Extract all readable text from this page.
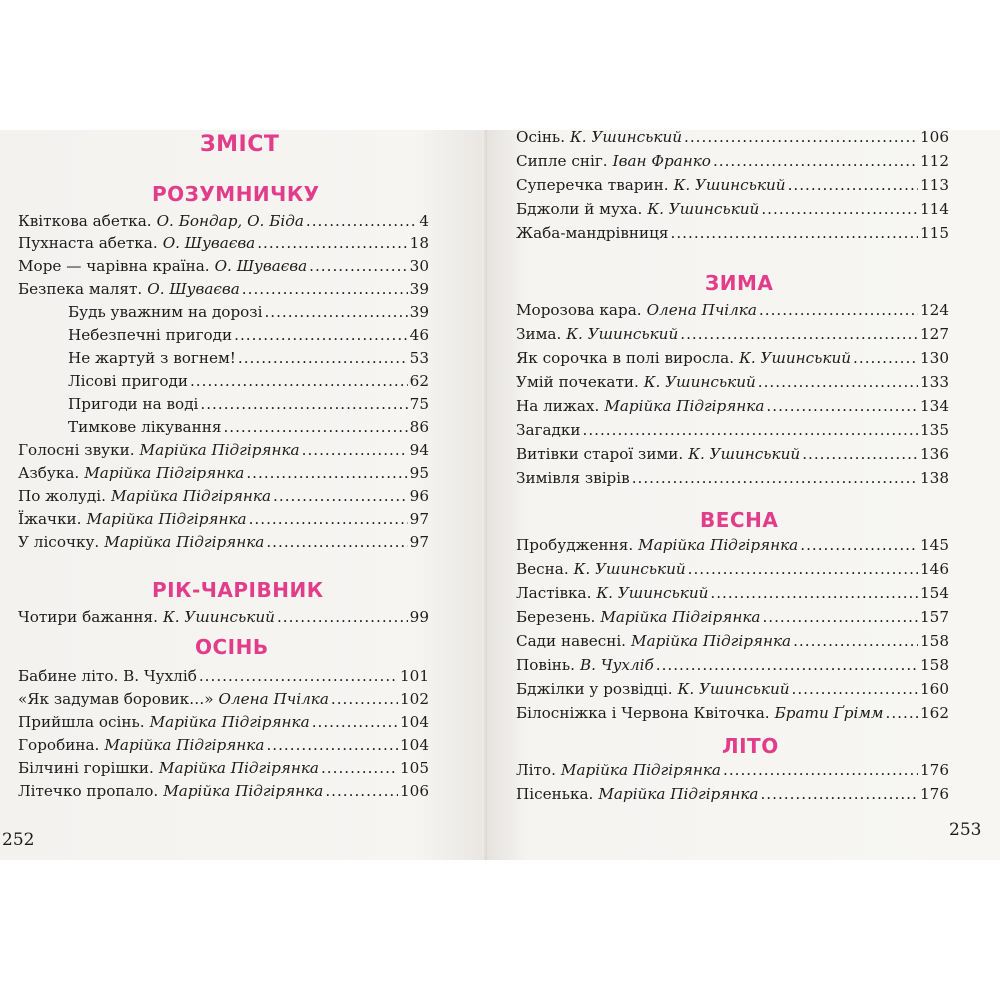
ЗМІСТ
РОЗУМНИЧКУ
Квіткова абетка. О. Бондар, О. Біда .....	4
Пухнаста абетка. О. Шуваєва .....	18
Море — чарівна країна. О. Шуваєва .....	30
Безпека малят. О. Шуваєва .....	39
Будь уважним на дорозі .....	39
Небезпечні пригоди .....	46
Не жартуй з вогнем! .....	53
Лісові пригоди .....	62
Пригоди на воді .....	75
Тимкове лікування .....	86
Голосні звуки. Марійка Підгірянка .....	94
Азбука. Марійка Підгірянка .....	95
По жолуді. Марійка Підгірянка .....	96
Їжачки. Марійка Підгірянка .....	97
У лісочку. Марійка Підгірянка .....	97
РІК-ЧАРІВНИК
Чотири бажання. К. Ушинський .....	99
ОСІНЬ
Бабине літо. В. Чухліб .....	101
«Як задумав боровик…» Олена Пчілка .....	102
Прийшла осінь. Марійка Підгірянка .....	104
Горобина. Марійка Підгірянка .....	104
Білчині горішки. Марійка Підгірянка .....	105
Літечко пропало. Марійка Підгірянка .....	106
252
Осінь. К. Ушинський .....	106
Сипле сніг. Іван Франко .....	112
Суперечка тварин. К. Ушинський .....	113
Бджоли й муха. К. Ушинський .....	114
Жаба-мандрівниця .....	115
ЗИМА
Морозова кара. Олена Пчілка .....	124
Зима. К. Ушинський .....	127
Як сорочка в полі виросла. К. Ушинський .....	130
Умій почекати. К. Ушинський .....	133
На лижах. Марійка Підгірянка .....	134
Загадки .....	135
Витівки старої зими. К. Ушинський .....	136
Зимівля звірів .....	138
ВЕСНА
Пробудження. Марійка Підгірянка .....	145
Весна. К. Ушинський .....	146
Ластівка. К. Ушинський .....	154
Березень. Марійка Підгірянка .....	157
Сади навесні. Марійка Підгірянка .....	158
Повінь. В. Чухліб .....	158
Бджілки у розвідці. К. Ушинський .....	160
Білосніжка і Червона Квіточка. Брати Ґрімм ..... 162
ЛІТО
Літо. Марійка Підгірянка .....	176
Пісенька. Марійка Підгірянка .....	176
253
